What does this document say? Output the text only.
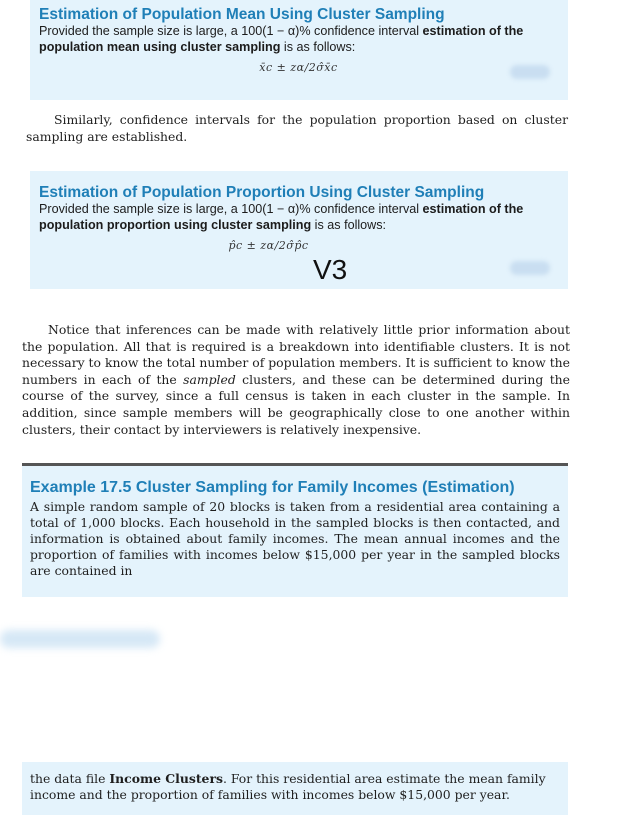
Estimation of Population Mean Using Cluster Sampling

Provided the sample size is large, a 100(1 − α)% confidence interval estimation of the population mean using cluster sampling is as follows:

x̄c ± zα/2σ̂x̄c

Similarly, confidence intervals for the population proportion based on cluster sampling are established.

Estimation of Population Proportion Using Cluster Sampling

Provided the sample size is large, a 100(1 − α)% confidence interval estimation of the population proportion using cluster sampling is as follows:

p̂c ± zα/2σ̂p̂c
V3

Notice that inferences can be made with relatively little prior information about the population. All that is required is a breakdown into identifiable clusters. It is not necessary to know the total number of population members. It is sufficient to know the numbers in each of the sampled clusters, and these can be determined during the course of the survey, since a full census is taken in each cluster in the sample. In addition, since sample members will be geographically close to one another within clusters, their contact by interviewers is relatively inexpensive.

Example 17.5 Cluster Sampling for Family Incomes (Estimation)

A simple random sample of 20 blocks is taken from a residential area containing a total of 1,000 blocks. Each household in the sampled blocks is then contacted, and information is obtained about family incomes. The mean annual incomes and the proportion of families with incomes below $15,000 per year in the sampled blocks are contained in

the data file Income Clusters. For this residential area estimate the mean family income and the proportion of families with incomes below $15,000 per year.
